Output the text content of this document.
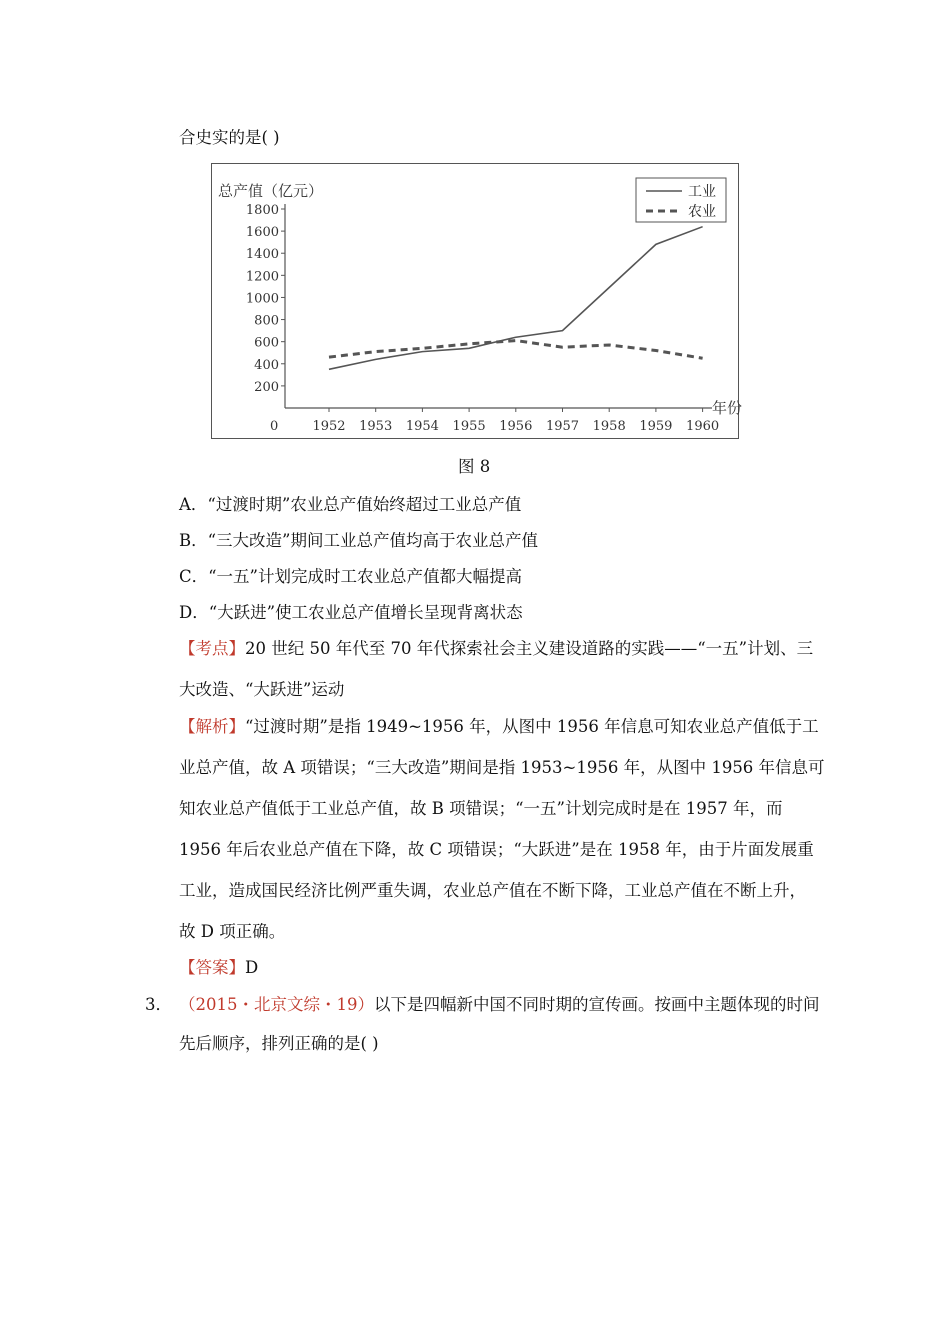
合史实的是( )
总产值（亿元）
年份
0
200
400
600
800
1000
1200
1400
1600
1800
1952 1953 1954 1955 1956 1957 1958 1959 1960
工业
农业
图 8
A．“过渡时期”农业总产值始终超过工业总产值
B．“三大改造”期间工业总产值均高于农业总产值
C．“一五”计划完成时工农业总产值都大幅提高
D．“大跃进”使工农业总产值增长呈现背离状态
【考点】20 世纪 50 年代至 70 年代探索社会主义建设道路的实践——“一五”计划、三
大改造、“大跃进”运动
【解析】“过渡时期”是指 1949~1956 年，从图中 1956 年信息可知农业总产值低于工
业总产值，故 A 项错误；“三大改造”期间是指 1953~1956 年，从图中 1956 年信息可
知农业总产值低于工业总产值，故 B 项错误；“一五”计划完成时是在 1957 年，而
1956 年后农业总产值在下降，故 C 项错误；“大跃进”是在 1958 年，由于片面发展重
工业，造成国民经济比例严重失调，农业总产值在不断下降，工业总产值在不断上升，
故 D 项正确。
【答案】D
3． （2015・北京文综・19）以下是四幅新中国不同时期的宣传画。按画中主题体现的时间
先后顺序，排列正确的是( )
